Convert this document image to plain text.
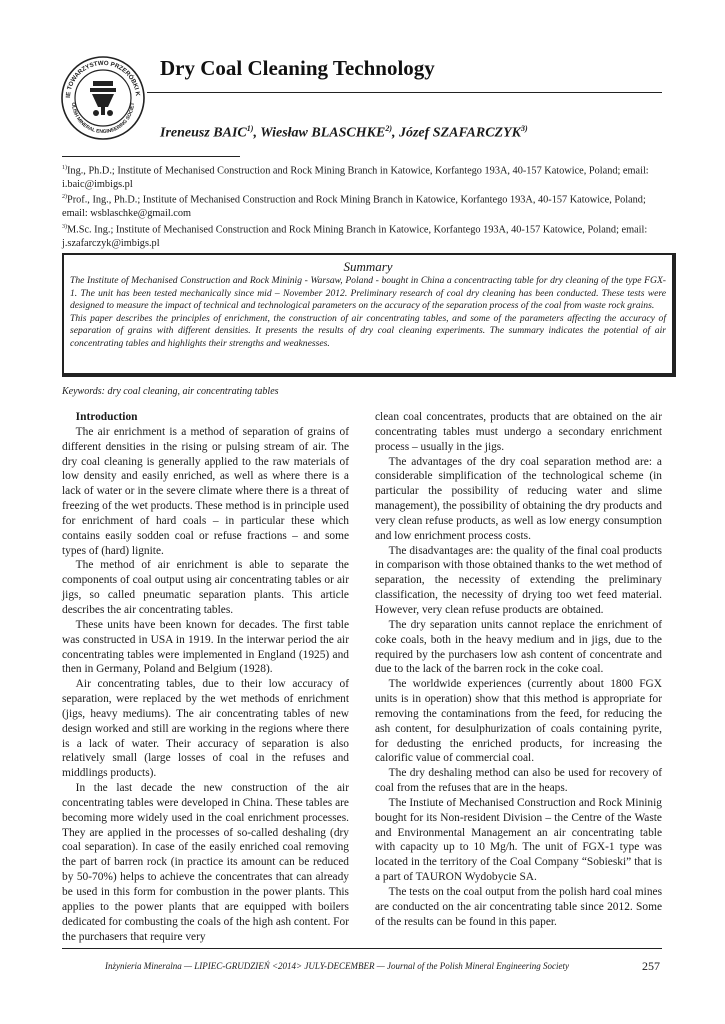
IE TOWARZYSTWO PRZERÓBKI K
OLISH MINERAL ENGINEERING SOCIET
Dry Coal Cleaning Technology
Ireneusz BAIC$^{1)}$, Wiesław BLASCHKE$^{2)}$, Józef SZAFARCZYK$^{3)}$

$^{1)}$Ing., Ph.D.; Institute of Mechanised Construction and Rock Mining Branch in Katowice, Korfantego 193A, 40-157 Katowice, Poland; email: i.baic@imbigs.pl

$^{2)}$Prof., Ing., Ph.D.; Institute of Mechanised Construction and Rock Mining Branch in Katowice, Korfantego 193A, 40-157 Katowice, Poland; email: wsblaschke@gmail.com

$^{3)}$M.Sc. Ing.; Institute of Mechanised Construction and Rock Mining Branch in Katowice, Korfantego 193A, 40-157 Katowice, Poland; email: j.szafarczyk@imbigs.pl

Summary

The Institute of Mechanised Construction and Rock Mininig - Warsaw, Poland - bought in China a concentracting table for dry cleaning of the type FGX-1. The unit has been tested mechanically since mid – November 2012. Preliminary research of coal dry cleaning has been conducted. These tests were designed to measure the impact of technical and technological parameters on the accuracy of the separation process of the coal from waste rock grains.

This paper describes the principles of enrichment, the construction of air concentrating tables, and some of the parameters affecting the accuracy of separation of grains with different densities. It presents the results of dry coal cleaning experiments. The summary indicates the potential of air concentrating tables and highlights their strengths and weaknesses.

Keywords: dry coal cleaning, air concentrating tables

Introduction

The air enrichment is a method of separation of grains of different densities in the rising or pulsing stream of air. The dry coal cleaning is generally applied to the raw materials of low density and easily enriched, as well as where there is a lack of water or in the severe climate where there is a threat of freezing of the wet products. These method is in principle used for enrichment of hard coals – in particular these which contains easily sodden coal or refuse fractions – and some types of (hard) lignite.

The method of air enrichment is able to separate the components of coal output using air concentrating tables or air jigs, so called pneumatic separation plants. This article describes the air concentrating tables.

These units have been known for decades. The first table was constructed in USA in 1919. In the interwar period the air concentrating tables were implemented in England (1925) and then in Germany, Poland and Belgium (1928).

Air concentrating tables, due to their low accuracy of separation, were replaced by the wet methods of enrichment (jigs, heavy mediums). The air concentrating tables of new design worked and still are working in the regions where there is a lack of water. Their accuracy of separation is also relatively small (large losses of coal in the refuses and middlings products).

In the last decade the new construction of the air concentrating tables were developed in China. These tables are becoming more widely used in the coal enrichment processes. They are applied in the processes of so-called deshaling (dry coal separation). In case of the easily enriched coal removing the part of barren rock (in practice its amount can be reduced by 50-70%) helps to achieve the concentrates that can already be used in this form for combustion in the power plants. This applies to the power plants that are equipped with boilers dedicated for combusting the coals of the high ash content. For the purchasers that require very

clean coal concentrates, products that are obtained on the air concentrating tables must undergo a secondary enrichment process – usually in the jigs.

The advantages of the dry coal separation method are: a considerable simplification of the technological scheme (in particular the possibility of reducing water and slime management), the possibility of obtaining the dry products and very clean refuse products, as well as low energy consumption and low enrichment process costs.

The disadvantages are: the quality of the final coal products in comparison with those obtained thanks to the wet method of separation, the necessity of extending the preliminary classification, the necessity of drying too wet feed material. However, very clean refuse products are obtained.

The dry separation units cannot replace the enrichment of coke coals, both in the heavy medium and in jigs, due to the required by the purchasers low ash content of concentrate and due to the lack of the barren rock in the coke coal.

The worldwide experiences (currently about 1800 FGX units is in operation) show that this method is appropriate for removing the contaminations from the feed, for reducing the ash content, for desulphurization of coals containing pyrite, for dedusting the enriched products, for increasing the calorific value of commercial coal.

The dry deshaling method can also be used for recovery of coal from the refuses that are in the heaps.

The Instiute of Mechanised Construction and Rock Mininig bought for its Non-resident Division – the Centre of the Waste and Environmental Management an air concentrating table with capacity up to 10 Mg/h. The unit of FGX-1 type was located in the territory of the Coal Company “Sobieski” that is a part of TAURON Wydobycie SA.

The tests on the coal output from the polish hard coal mines are conducted on the air concentrating table since 2012. Some of the results can be found in this paper.

Inżynieria Mineralna — LIPIEC-GRUDZIEŃ <2014> JULY-DECEMBER — Journal of the Polish Mineral Engineering Society	257
